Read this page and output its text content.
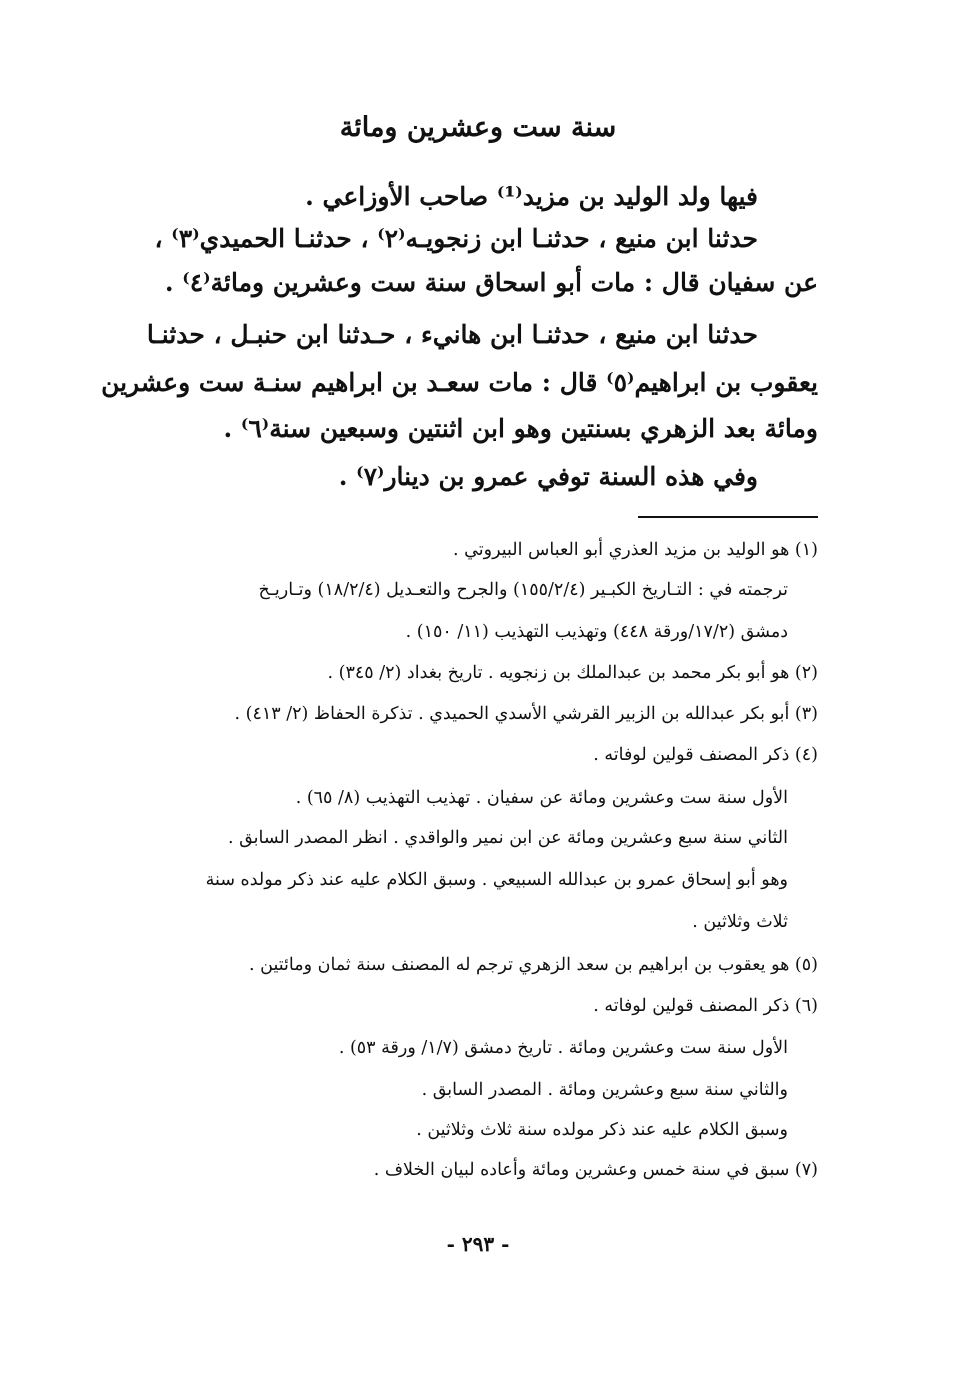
سنة ست وعشرين ومائة
فيها ولد الوليد بن مزيد⁽¹⁾ صاحب الأوزاعي .
حدثنا ابن منيع ، حدثنـا ابن زنجويـه⁽٢⁾ ، حدثنـا الحميدي⁽٣⁾ ،
عن سفيان قال : مات أبو اسحاق سنة ست وعشرين ومائة⁽٤⁾ .
حدثنا ابن منيع ، حدثنـا ابن هانيء ، حـدثنا ابن حنبـل ، حدثنـا
يعقوب بن ابراهيم⁽٥⁾ قال : مات سعـد بن ابراهيم سنـة ست وعشرين
ومائة بعد الزهري بسنتين وهو ابن اثنتين وسبعين سنة⁽٦⁾ .
وفي هذه السنة توفي عمرو بن دينار⁽٧⁾ .
(١) هو الوليد بن مزيد العذري أبو العباس البيروتي .
ترجمته في : التـاريخ الكبـير (١٥٥/٢/٤) والجرح والتعـديل (١٨/٢/٤) وتـاريـخ
دمشق (١٧/٢/ورقة ٤٤٨) وتهذيب التهذيب (١١/ ١٥٠) .
(٢) هو أبو بكر محمد بن عبدالملك بن زنجويه . تاريخ بغداد (٢/ ٣٤٥) .
(٣) أبو بكر عبدالله بن الزبير القرشي الأسدي الحميدي . تذكرة الحفاظ (٢/ ٤١٣) .
(٤) ذكر المصنف قولين لوفاته .
الأول سنة ست وعشرين ومائة عن سفيان . تهذيب التهذيب (٨/ ٦٥) .
الثاني سنة سبع وعشرين ومائة عن ابن نمير والواقدي . انظر المصدر السابق .
وهو أبو إسحاق عمرو بن عبدالله السبيعي . وسبق الكلام عليه عند ذكر مولده سنة
ثلاث وثلاثين .
(٥) هو يعقوب بن ابراهيم بن سعد الزهري ترجم له المصنف سنة ثمان ومائتين .
(٦) ذكر المصنف قولين لوفاته .
الأول سنة ست وعشرين ومائة . تاريخ دمشق (١/٧/ ورقة ٥٣) .
والثاني سنة سبع وعشرين ومائة . المصدر السابق .
وسبق الكلام عليه عند ذكر مولده سنة ثلاث وثلاثين .
(٧) سبق في سنة خمس وعشرين ومائة وأعاده لبيان الخلاف .
- ٢٩٣ -
